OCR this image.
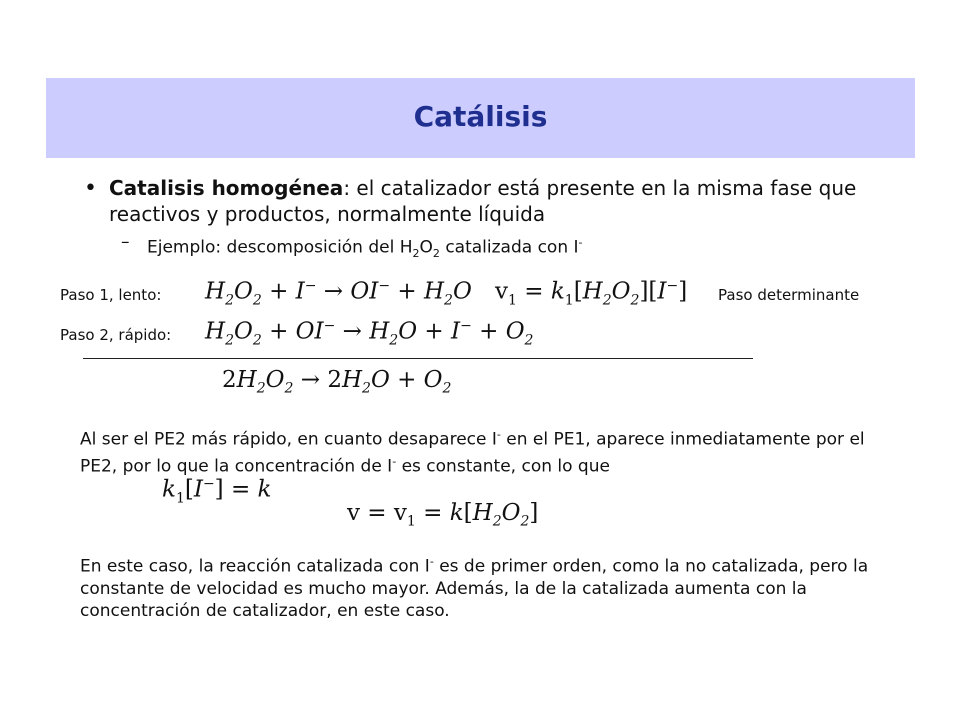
Catálisis
• Catalisis homogénea: el catalizador está presente en la misma fase que reactivos y productos, normalmente líquida
– Ejemplo: descomposición del $H_2O_2$ catalizada con I-
Paso 1, lento: $H_2O_2 + I^- \to OI^- + H_2O$ $v_1 = k_1[H_2O_2][I^-]$ Paso determinante
Paso 2, rápido: $H_2O_2 + OI^- \to H_2O + I^- + O_2$
$2H_2O_2 \to 2H_2O + O_2$
Al ser el PE2 más rápido, en cuanto desaparece I- en el PE1, aparece inmediatamente por el PE2, por lo que la concentración de I- es constante, con lo que
$k_1[I^-] = k$
$v = v_1 = k[H_2O_2]$
En este caso, la reacción catalizada con I- es de primer orden, como la no catalizada, pero la constante de velocidad es mucho mayor. Además, la de la catalizada aumenta con la concentración de catalizador, en este caso.
